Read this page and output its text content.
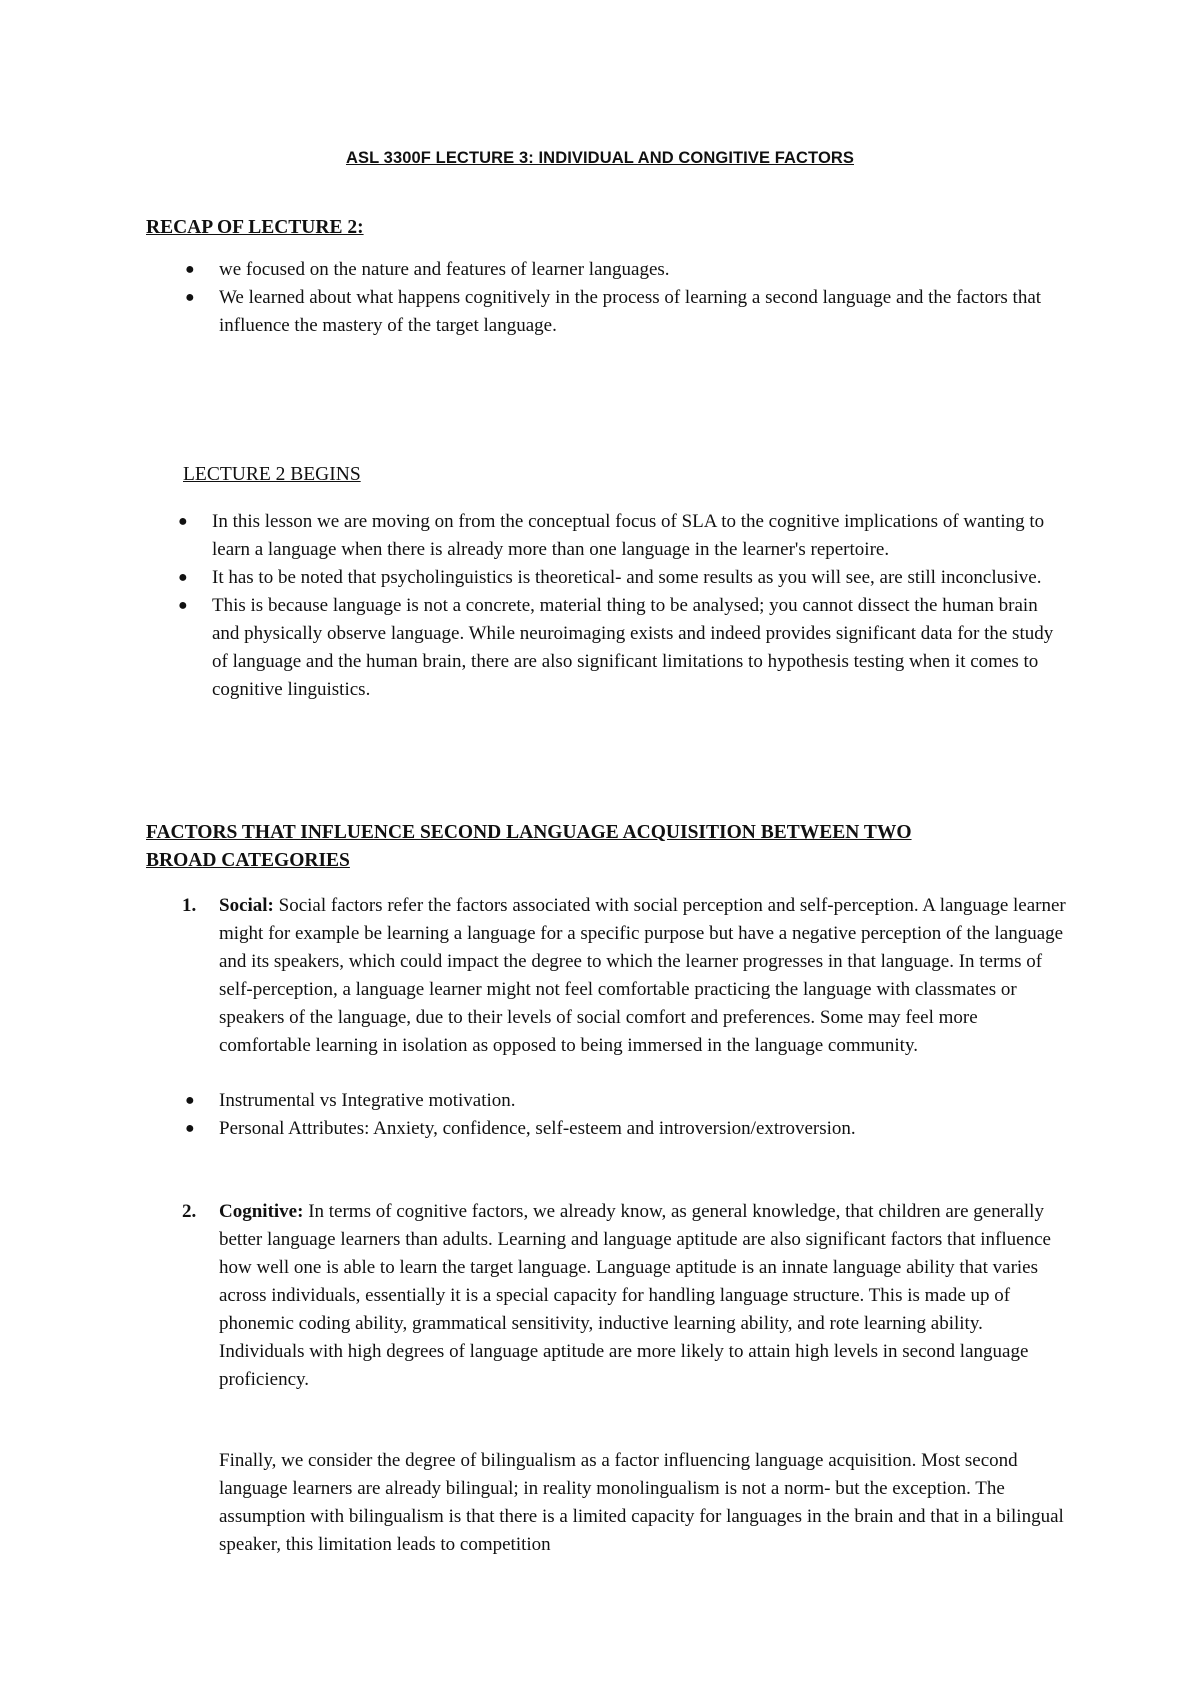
ASL 3300F LECTURE 3: INDIVIDUAL AND CONGITIVE FACTORS
RECAP OF LECTURE 2:
● we focused on the nature and features of learner languages.
● We learned about what happens cognitively in the process of learning a second language and the factors that influence the mastery of the target language.
LECTURE 2 BEGINS
● In this lesson we are moving on from the conceptual focus of SLA to the cognitive implications of wanting to learn a language when there is already more than one language in the learner's repertoire.
● It has to be noted that psycholinguistics is theoretical- and some results as you will see, are still inconclusive.
● This is because language is not a concrete, material thing to be analysed; you cannot dissect the human brain and physically observe language. While neuroimaging exists and indeed provides significant data for the study of language and the human brain, there are also significant limitations to hypothesis testing when it comes to cognitive linguistics.
FACTORS THAT INFLUENCE SECOND LANGUAGE ACQUISITION BETWEEN TWO
BROAD CATEGORIES
1. Social: Social factors refer the factors associated with social perception and self-perception. A language learner might for example be learning a language for a specific purpose but have a negative perception of the language and its speakers, which could impact the degree to which the learner progresses in that language. In terms of self-perception, a language learner might not feel comfortable practicing the language with classmates or speakers of the language, due to their levels of social comfort and preferences. Some may feel more comfortable learning in isolation as opposed to being immersed in the language community.
● Instrumental vs Integrative motivation.
● Personal Attributes: Anxiety, confidence, self-esteem and introversion/extroversion.
2. Cognitive: In terms of cognitive factors, we already know, as general knowledge, that children are generally better language learners than adults. Learning and language aptitude are also significant factors that influence how well one is able to learn the target language. Language aptitude is an innate language ability that varies across individuals, essentially it is a special capacity for handling language structure. This is made up of phonemic coding ability, grammatical sensitivity, inductive learning ability, and rote learning ability. Individuals with high degrees of language aptitude are more likely to attain high levels in second language proficiency.

Finally, we consider the degree of bilingualism as a factor influencing language acquisition. Most second language learners are already bilingual; in reality monolingualism is not a norm- but the exception. The assumption with bilingualism is that there is a limited capacity for languages in the brain and that in a bilingual speaker, this limitation leads to competition
